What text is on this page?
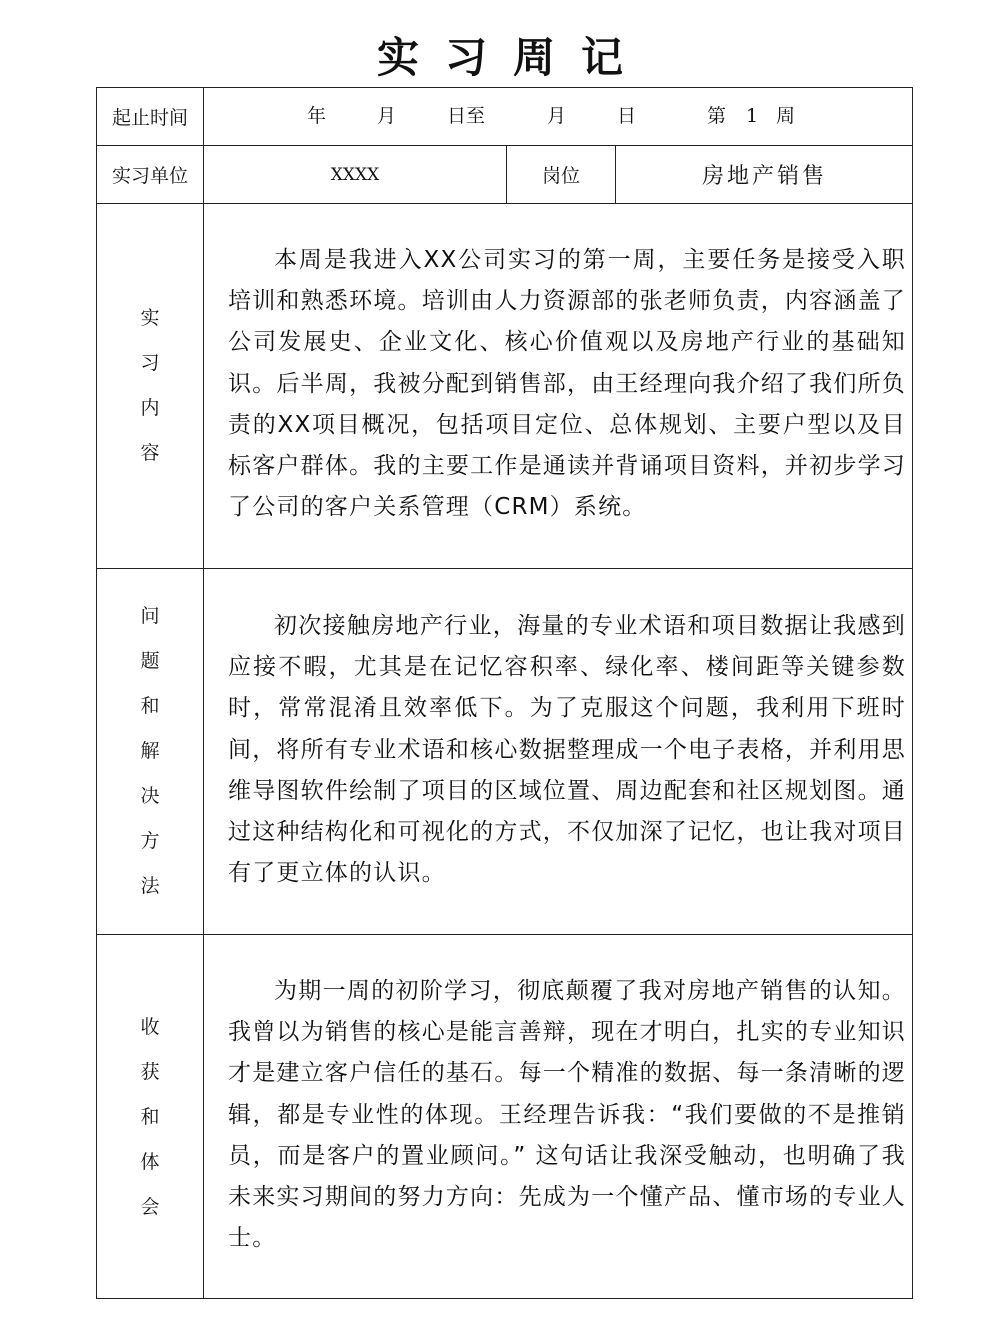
实习周记
起止时间	年	月	日至	月	日	第 1 周
实习单位	XXXX	岗位	房地产销售
实
习
内
容

本周是我进入XX公司实习的第一周，主要任务是接受入职培训和熟悉环境。培训由人力资源部的张老师负责，内容涵盖了公司发展史、企业文化、核心价值观以及房地产行业的基础知识。后半周，我被分配到销售部，由王经理向我介绍了我们所负责的XX项目概况，包括项目定位、总体规划、主要户型以及目标客户群体。我的主要工作是通读并背诵项目资料，并初步学习了公司的客户关系管理（CRM）系统。

问
题
和
解
决
方
法

初次接触房地产行业，海量的专业术语和项目数据让我感到应接不暇，尤其是在记忆容积率、绿化率、楼间距等关键参数时，常常混淆且效率低下。为了克服这个问题，我利用下班时间，将所有专业术语和核心数据整理成一个电子表格，并利用思维导图软件绘制了项目的区域位置、周边配套和社区规划图。通过这种结构化和可视化的方式，不仅加深了记忆，也让我对项目有了更立体的认识。

收
获
和
体
会

为期一周的初阶学习，彻底颠覆了我对房地产销售的认知。我曾以为销售的核心是能言善辩，现在才明白，扎实的专业知识才是建立客户信任的基石。每一个精准的数据、每一条清晰的逻辑，都是专业性的体现。王经理告诉我：“我们要做的不是推销员，而是客户的置业顾问。” 这句话让我深受触动，也明确了我未来实习期间的努力方向：先成为一个懂产品、懂市场的专业人士。
